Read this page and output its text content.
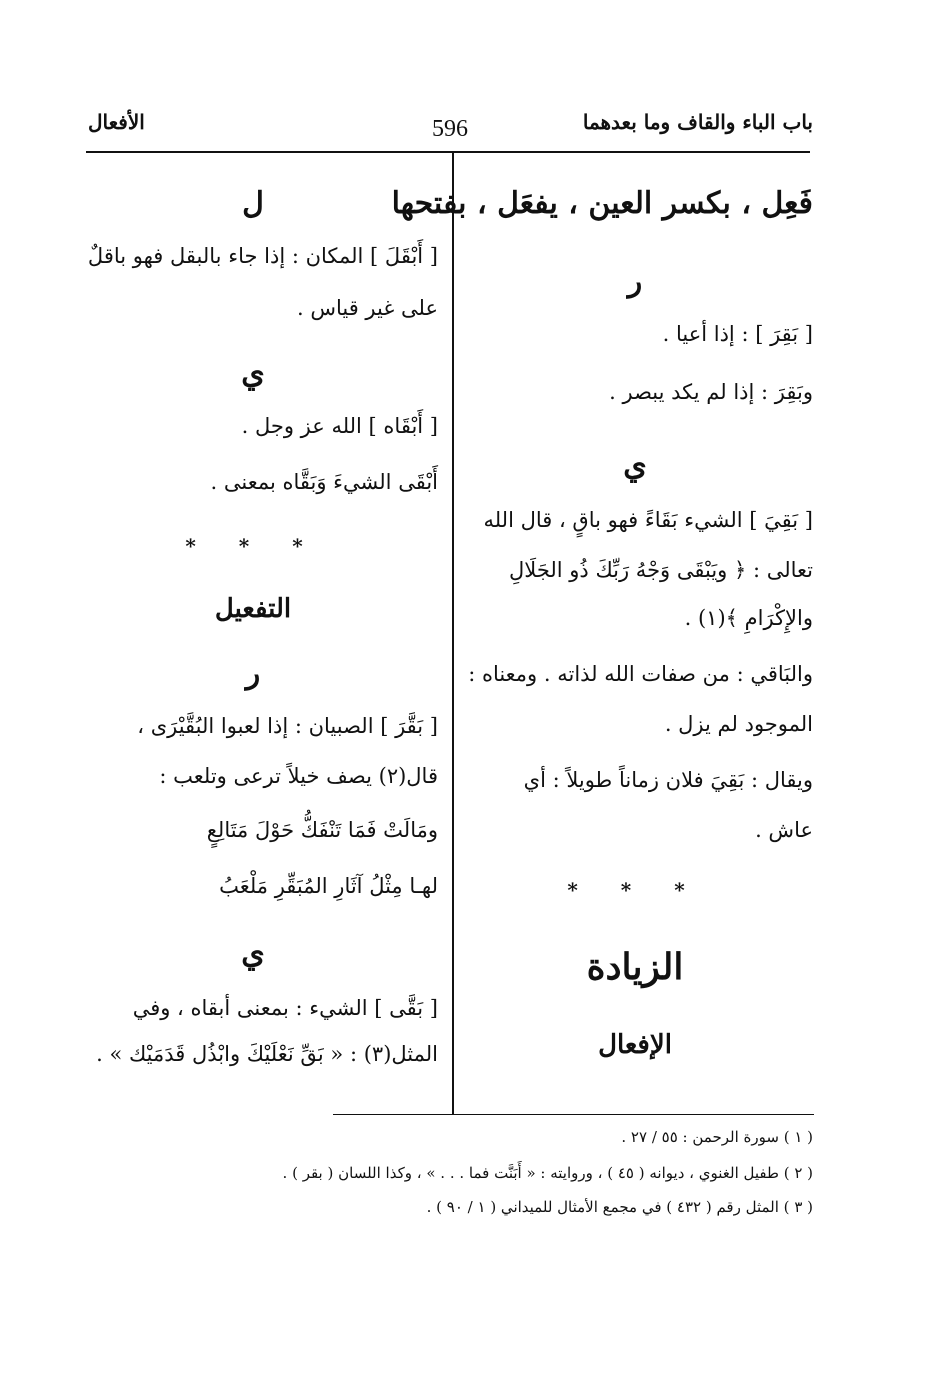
باب الباء والقاف وما بعدهما
596
الأفعال
فَعِل ، بكسر العين ، يفعَل ، بفتحها
ر
[ بَقِرَ ] : إذا أعيا .
وبَقِرَ : إذا لم يكد يبصر .
ي
[ بَقِيَ ] الشيء بَقَاءً فهو باقٍ ، قال الله
تعالى : ﴿ ويَبْقَى وَجْهُ رَبِّكَ ذُو الجَلَالِ
والإِكْرَامِ ﴾(١) .
والبَاقي : من صفات الله لذاته . ومعناه :
الموجود لم يزل .
ويقال : بَقِيَ فلان زماناً طويلاً : أي
عاش .
* * *
الزيادة
الإفعال
ل
[ أَبْقَلَ ] المكان : إذا جاء بالبقل فهو باقلٌ
على غير قياس .
ي
[ أَبْقَاه ] الله عز وجل .
أَبْقَى الشيءَ وَبَقَّاه بمعنى .
* * *
التفعيل
ر
[ بَقَّرَ ] الصبيان : إذا لعبوا البُقَّيْرَى ،
قال(٢) يصف خيلاً ترعى وتلعب :
ومَالَتْ فَمَا تَنْفَكُّ حَوْلَ مَتَالِعٍ
لهـا مِثْلُ آثَارِ المُبَقِّرِ مَلْعَبُ
ي
[ بَقَّى ] الشيء : بمعنى أبقاه ، وفي
المثل(٣) : « بَقِّ نَعْلَيْكَ وابْذُل قَدَمَيْك » .
( ١ ) سورة الرحمن : ٥٥ / ٢٧ .
( ٢ ) طفيل الغنوي ، ديوانه ( ٤٥ ) ، وروايته : « أَبَنَّت فما . . . » ، وكذا اللسان ( بقر ) .
( ٣ ) المثل رقم ( ٤٣٢ ) في مجمع الأمثال للميداني ( ١ / ٩٠ ) .
